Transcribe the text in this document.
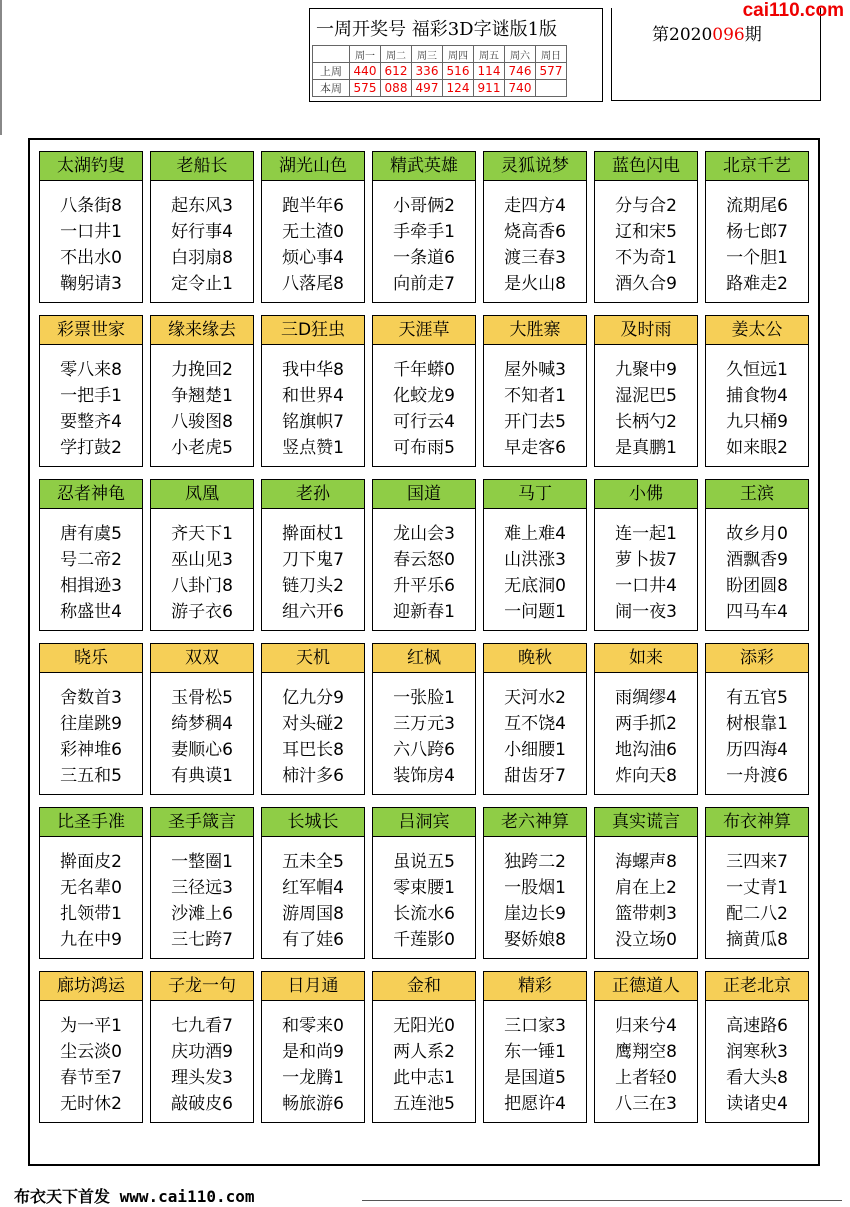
一周开奖号 福彩3D字谜版1版
	周一	周二	周三	周四	周五	周六	周日
上周	440	612	336	516	114	746	577
本周	575	088	497	124	911	740	
第2020096期
cai110.com
太湖钓叟
八条街8
一口井1
不出水0
鞠躬请3
老船长
起东风3
好行事4
白羽扇8
定令止1
湖光山色
跑半年6
无土渣0
烦心事4
八落尾8
精武英雄
小哥俩2
手牵手1
一条道6
向前走7
灵狐说梦
走四方4
烧高香6
渡三春3
是火山8
蓝色闪电
分与合2
辽和宋5
不为奇1
酒久合9
北京千艺
流期尾6
杨七郎7
一个胆1
路难走2
彩票世家
零八来8
一把手1
要整齐4
学打鼓2
缘来缘去
力挽回2
争翘楚1
八骏图8
小老虎5
三D狂虫
我中华8
和世界4
铭旗帜7
竖点赞1
天涯草
千年蟒0
化蛟龙9
可行云4
可布雨5
大胜寨
屋外喊3
不知者1
开门去5
早走客6
及时雨
九聚中9
湿泥巴5
长柄勺2
是真鹏1
姜太公
久恒远1
捕食物4
九只桶9
如来眼2
忍者神龟
唐有虞5
号二帝2
相揖逊3
称盛世4
凤凰
齐天下1
巫山见3
八卦门8
游子衣6
老孙
擀面杖1
刀下鬼7
链刀头2
组六开6
国道
龙山会3
春云怒0
升平乐6
迎新春1
马丁
难上难4
山洪涨3
无底洞0
一问题1
小佛
连一起1
萝卜拔7
一口井4
闹一夜3
王滨
故乡月0
酒飘香9
盼团圆8
四马车4
晓乐
舍数首3
往崖跳9
彩神堆6
三五和5
双双
玉骨松5
绮梦稠4
妻顺心6
有典谟1
天机
亿九分9
对头碰2
耳巴长8
柿汁多6
红枫
一张脸1
三万元3
六八跨6
装饰房4
晚秋
天河水2
互不饶4
小细腰1
甜齿牙7
如来
雨绸缪4
两手抓2
地沟油6
炸向天8
添彩
有五官5
树根靠1
历四海4
一舟渡6
比圣手准
擀面皮2
无名辈0
扎领带1
九在中9
圣手箴言
一整圈1
三径远3
沙滩上6
三七跨7
长城长
五未全5
红军帽4
游周国8
有了娃6
吕洞宾
虽说五5
零束腰1
长流水6
千莲影0
老六神算
独跨二2
一股烟1
崖边长9
娶娇娘8
真实谎言
海螺声8
肩在上2
篮带刺3
没立场0
布衣神算
三四来7
一丈青1
配二八2
摘黄瓜8
廊坊鸿运
为一平1
尘云淡0
春节至7
无时休2
子龙一句
七九看7
庆功酒9
理头发3
敲破皮6
日月通
和零来0
是和尚9
一龙腾1
畅旅游6
金和
无阳光0
两人系2
此中志1
五连池5
精彩
三口家3
东一锤1
是国道5
把愿许4
正德道人
归来兮4
鹰翔空8
上者轻0
八三在3
正老北京
高速路6
润寒秋3
看大头8
读诸史4
布衣天下首发 www.cai110.com
